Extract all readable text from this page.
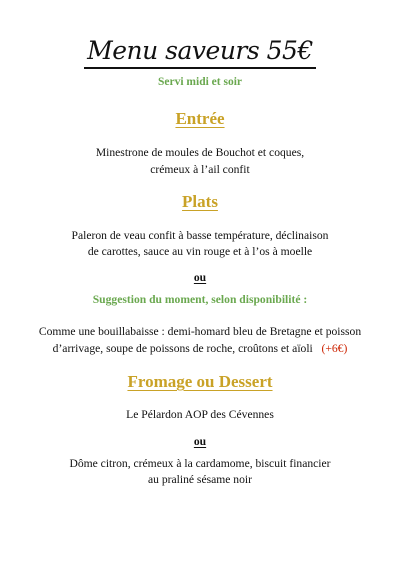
Menu saveurs 55€
Servi midi et soir
Entrée
Minestrone de moules de Bouchot et coques,
crémeux à l’ail confit
Plats
Paleron de veau confit à basse température, déclinaison
de carottes, sauce au vin rouge et à l’os à moelle
ou
Suggestion du moment, selon disponibilité :
Comme une bouillabaisse : demi-homard bleu de Bretagne et poisson
d’arrivage, soupe de poissons de roche, croûtons et aïoli (+6€)
Fromage ou Dessert
Le Pélardon AOP des Cévennes
ou
Dôme citron, crémeux à la cardamome, biscuit financier
au praliné sésame noir
